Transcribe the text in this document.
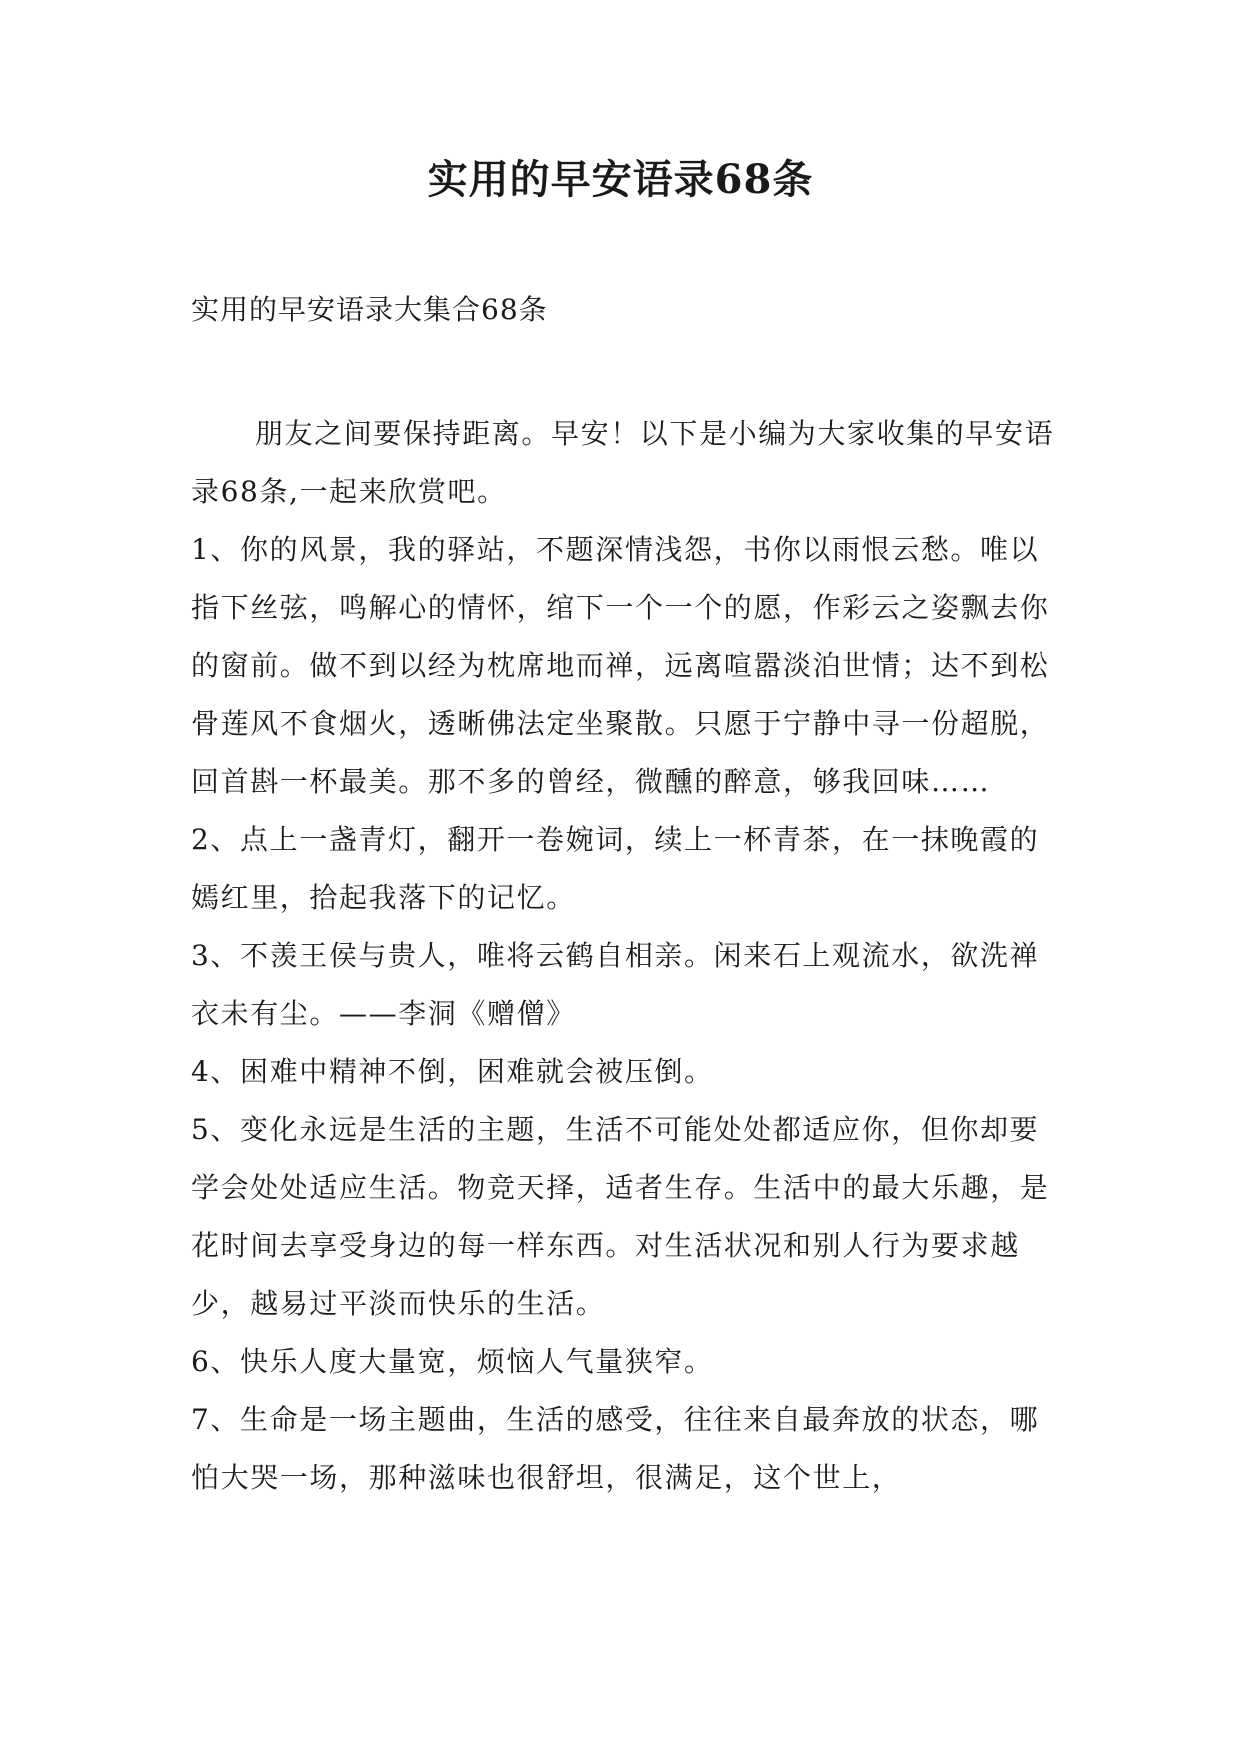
实用的早安语录68条
实用的早安语录大集合68条

朋友之间要保持距离。早安！以下是小编为大家收集的早安语录68条,一起来欣赏吧。

1、你的风景，我的驿站，不题深情浅怨，书你以雨恨云愁。唯以指下丝弦，鸣解心的情怀，绾下一个一个的愿，作彩云之姿飘去你的窗前。做不到以经为枕席地而禅，远离喧嚣淡泊世情；达不到松骨莲风不食烟火，透晰佛法定坐聚散。只愿于宁静中寻一份超脱，回首斟一杯最美。那不多的曾经，微醺的醉意，够我回味……

2、点上一盏青灯，翻开一卷婉词，续上一杯青茶，在一抹晚霞的嫣红里，拾起我落下的记忆。

3、不羡王侯与贵人，唯将云鹤自相亲。闲来石上观流水，欲洗禅衣未有尘。——李洞《赠僧》

4、困难中精神不倒，困难就会被压倒。

5、变化永远是生活的主题，生活不可能处处都适应你，但你却要学会处处适应生活。物竞天择，适者生存。生活中的最大乐趣，是花时间去享受身边的每一样东西。对生活状况和别人行为要求越少，越易过平淡而快乐的生活。

6、快乐人度大量宽，烦恼人气量狭窄。

7、生命是一场主题曲，生活的感受，往往来自最奔放的状态，哪怕大哭一场，那种滋味也很舒坦，很满足，这个世上，
